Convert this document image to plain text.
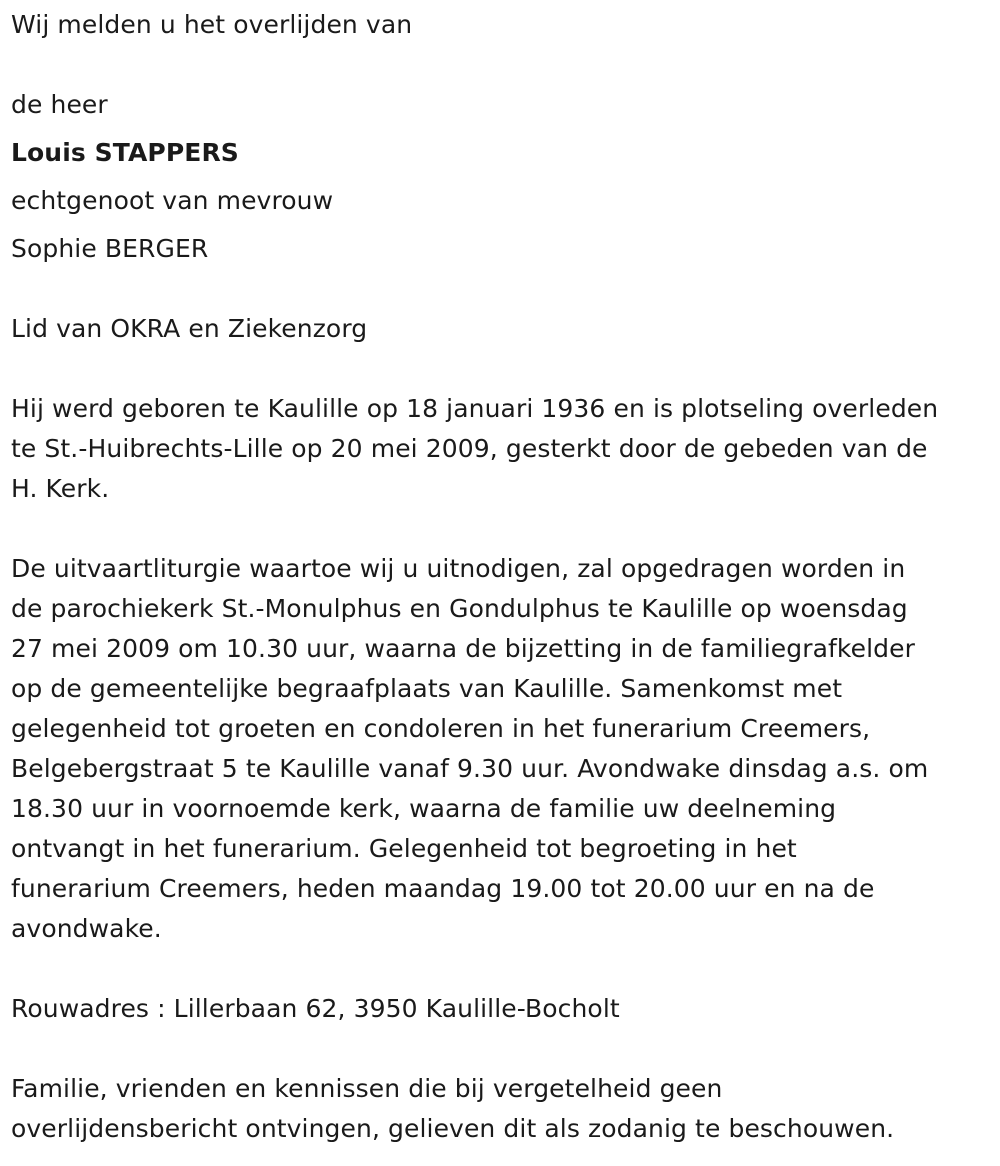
Wij melden u het overlijden van

de heer

Louis STAPPERS

echtgenoot van mevrouw

Sophie BERGER

Lid van OKRA en Ziekenzorg

Hij werd geboren te Kaulille op 18 januari 1936 en is plotseling overleden

te St.-Huibrechts-Lille op 20 mei 2009, gesterkt door de gebeden van de

H. Kerk.

De uitvaartliturgie waartoe wij u uitnodigen, zal opgedragen worden in

de parochiekerk St.-Monulphus en Gondulphus te Kaulille op woensdag

27 mei 2009 om 10.30 uur, waarna de bijzetting in de familiegrafkelder

op de gemeentelijke begraafplaats van Kaulille. Samenkomst met

gelegenheid tot groeten en condoleren in het funerarium Creemers,

Belgebergstraat 5 te Kaulille vanaf 9.30 uur. Avondwake dinsdag a.s. om

18.30 uur in voornoemde kerk, waarna de familie uw deelneming

ontvangt in het funerarium. Gelegenheid tot begroeting in het

funerarium Creemers, heden maandag 19.00 tot 20.00 uur en na de

avondwake.

Rouwadres : Lillerbaan 62, 3950 Kaulille-Bocholt

Familie, vrienden en kennissen die bij vergetelheid geen

overlijdensbericht ontvingen, gelieven dit als zodanig te beschouwen.
